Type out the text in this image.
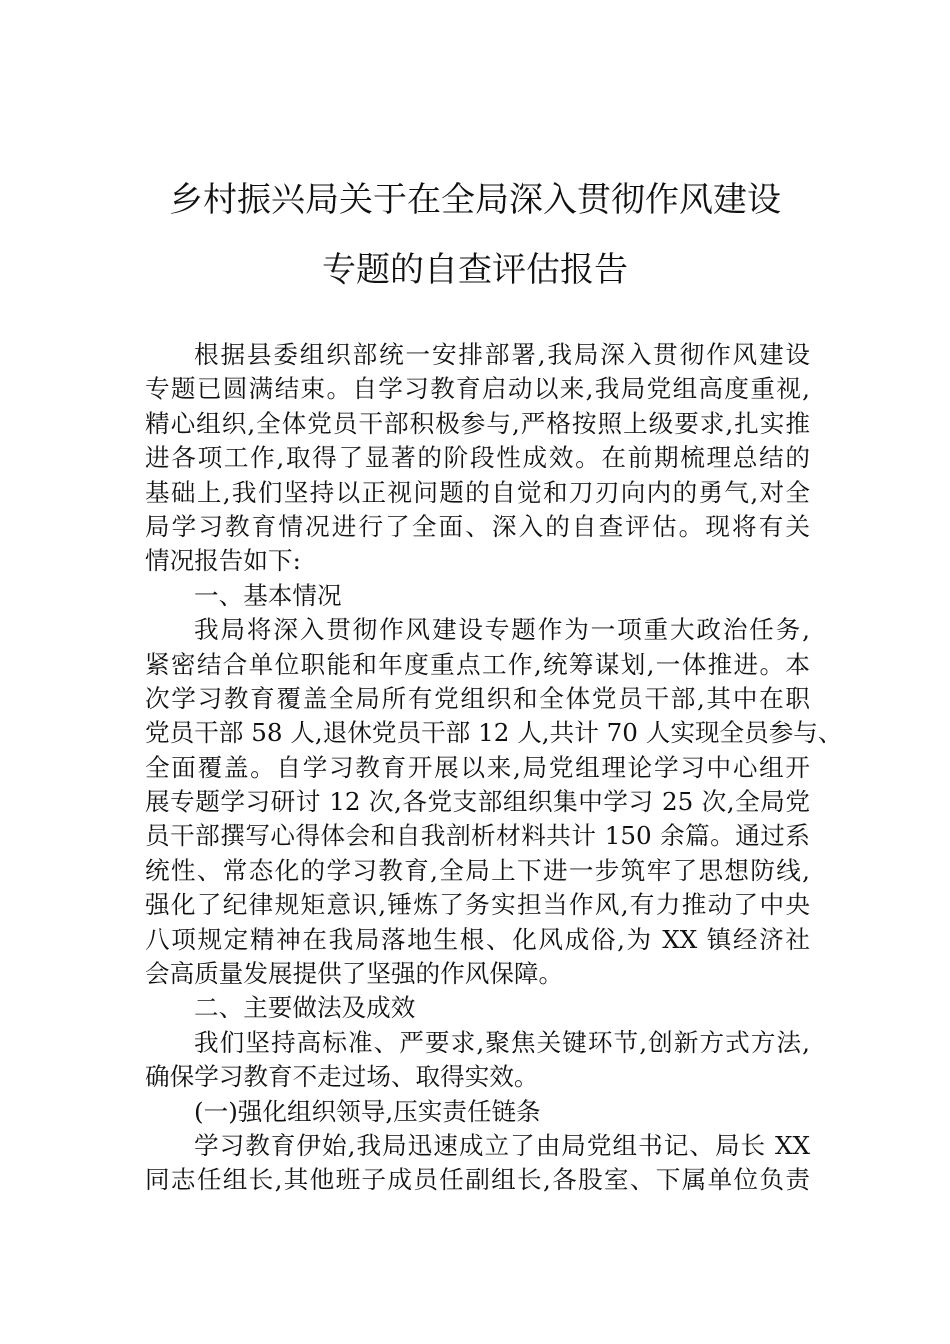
乡村振兴局关于在全局深入贯彻作风建设
专题的自查评估报告
根据县委组织部统一安排部署,我局深入贯彻作风建设
专题已圆满结束。自学习教育启动以来,我局党组高度重视,
精心组织,全体党员干部积极参与,严格按照上级要求,扎实推
进各项工作,取得了显著的阶段性成效。在前期梳理总结的
基础上,我们坚持以正视问题的自觉和刀刃向内的勇气,对全
局学习教育情况进行了全面、深入的自查评估。现将有关
情况报告如下:
一、基本情况
我局将深入贯彻作风建设专题作为一项重大政治任务,
紧密结合单位职能和年度重点工作,统筹谋划,一体推进。本
次学习教育覆盖全局所有党组织和全体党员干部,其中在职
党员干部 58 人,退休党员干部 12 人,共计 70 人实现全员参与、
全面覆盖。自学习教育开展以来,局党组理论学习中心组开
展专题学习研讨 12 次,各党支部组织集中学习 25 次,全局党
员干部撰写心得体会和自我剖析材料共计 150 余篇。通过系
统性、常态化的学习教育,全局上下进一步筑牢了思想防线,
强化了纪律规矩意识,锤炼了务实担当作风,有力推动了中央
八项规定精神在我局落地生根、化风成俗,为 XX 镇经济社
会高质量发展提供了坚强的作风保障。
二、主要做法及成效
我们坚持高标准、严要求,聚焦关键环节,创新方式方法,
确保学习教育不走过场、取得实效。
(一)强化组织领导,压实责任链条
学习教育伊始,我局迅速成立了由局党组书记、局长 XX
同志任组长,其他班子成员任副组长,各股室、下属单位负责
